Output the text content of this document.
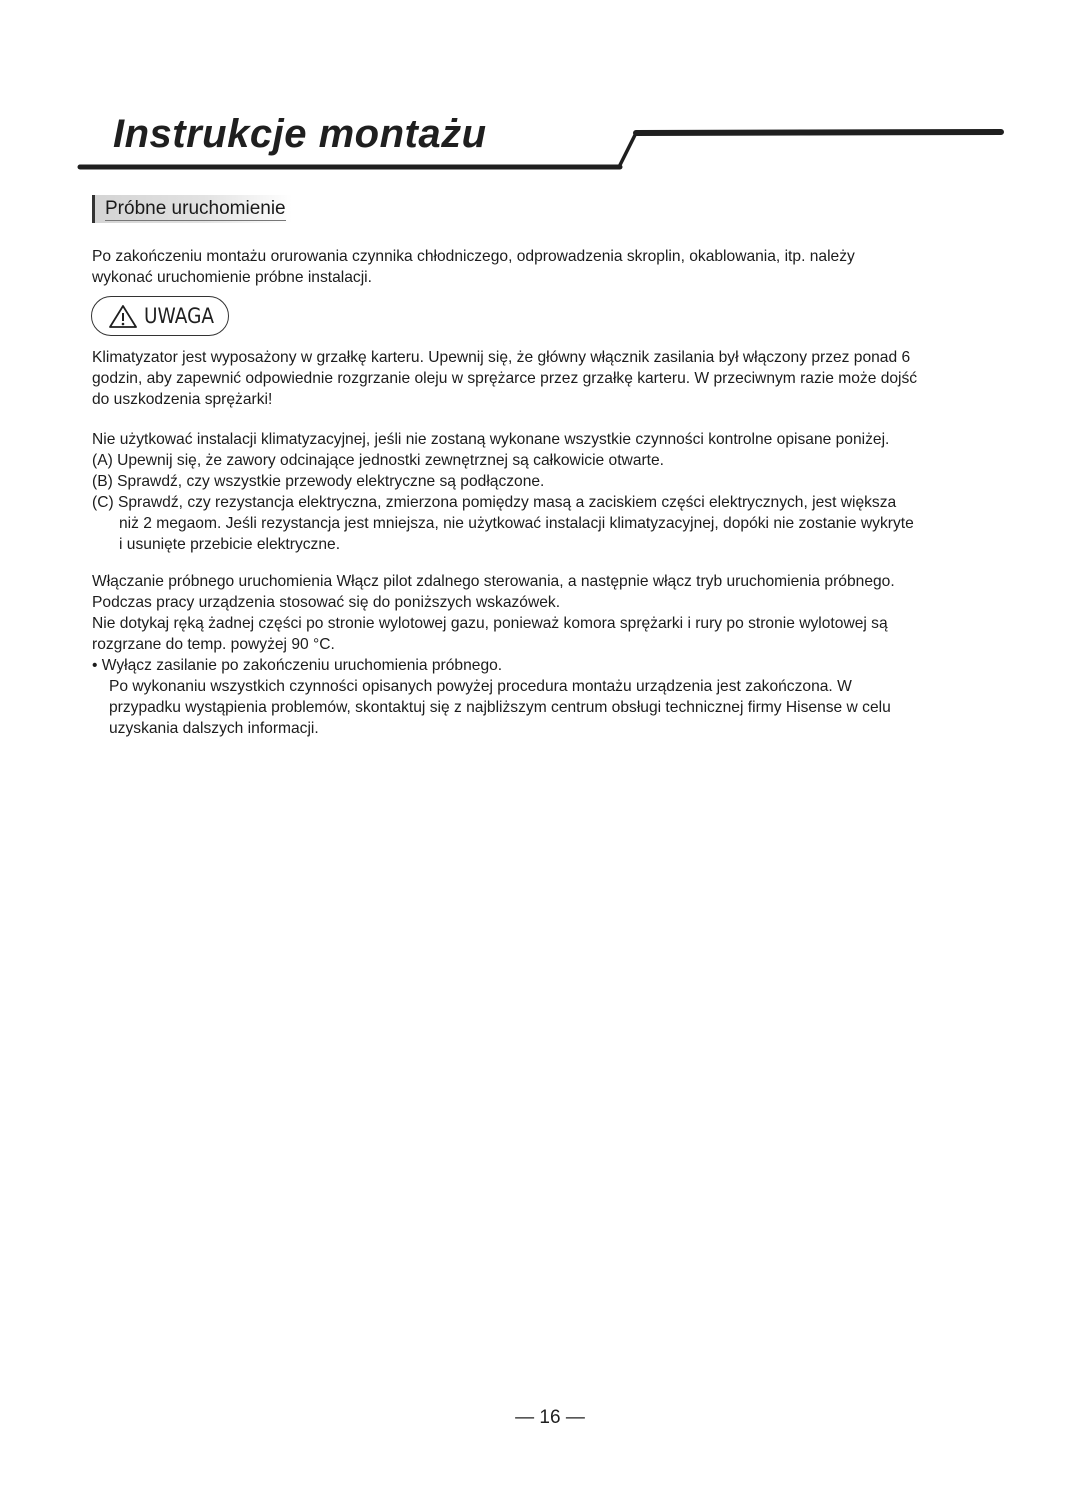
Instrukcje montażu
Próbne uruchomienie
Po zakończeniu montażu orurowania czynnika chłodniczego, odprowadzenia skroplin, okablowania, itp. należy
wykonać uruchomienie próbne instalacji.
UWAGA
Klimatyzator jest wyposażony w grzałkę karteru. Upewnij się, że główny włącznik zasilania był włączony przez ponad 6
godzin, aby zapewnić odpowiednie rozgrzanie oleju w sprężarce przez grzałkę karteru. W przeciwnym razie może dojść
do uszkodzenia sprężarki!
Nie użytkować instalacji klimatyzacyjnej, jeśli nie zostaną wykonane wszystkie czynności kontrolne opisane poniżej.
(A) Upewnij się, że zawory odcinające jednostki zewnętrznej są całkowicie otwarte.
(B) Sprawdź, czy wszystkie przewody elektryczne są podłączone.
(C) Sprawdź, czy rezystancja elektryczna, zmierzona pomiędzy masą a zaciskiem części elektrycznych, jest większa
niż 2 megaom. Jeśli rezystancja jest mniejsza, nie użytkować instalacji klimatyzacyjnej, dopóki nie zostanie wykryte
i usunięte przebicie elektryczne.
Włączanie próbnego uruchomienia Włącz pilot zdalnego sterowania, a następnie włącz tryb uruchomienia próbnego.
Podczas pracy urządzenia stosować się do poniższych wskazówek.
Nie dotykaj ręką żadnej części po stronie wylotowej gazu, ponieważ komora sprężarki i rury po stronie wylotowej są
rozgrzane do temp. powyżej 90 °C.
• Wyłącz zasilanie po zakończeniu uruchomienia próbnego.
Po wykonaniu wszystkich czynności opisanych powyżej procedura montażu urządzenia jest zakończona. W
przypadku wystąpienia problemów, skontaktuj się z najbliższym centrum obsługi technicznej firmy Hisense w celu
uzyskania dalszych informacji.
— 16 —
